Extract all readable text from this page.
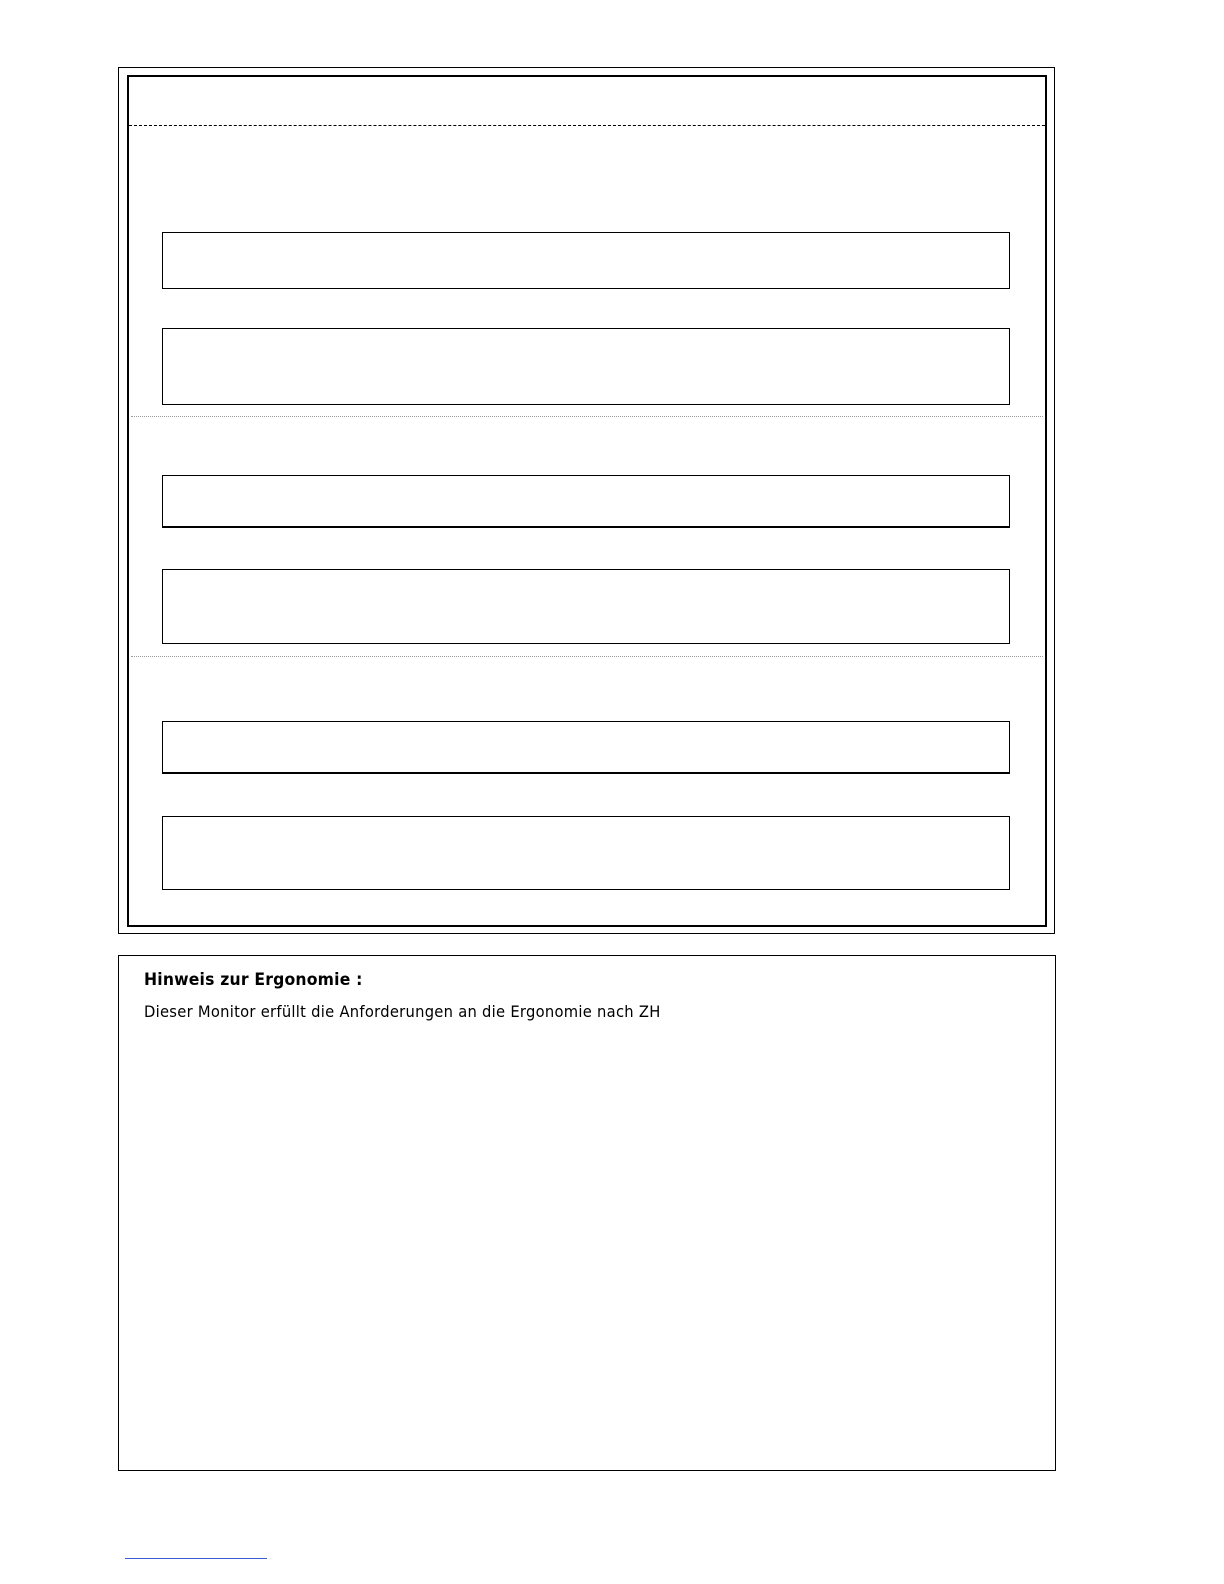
Hinweis zur Ergonomie :
Dieser Monitor erfüllt die Anforderungen an die Ergonomie nach ZH
